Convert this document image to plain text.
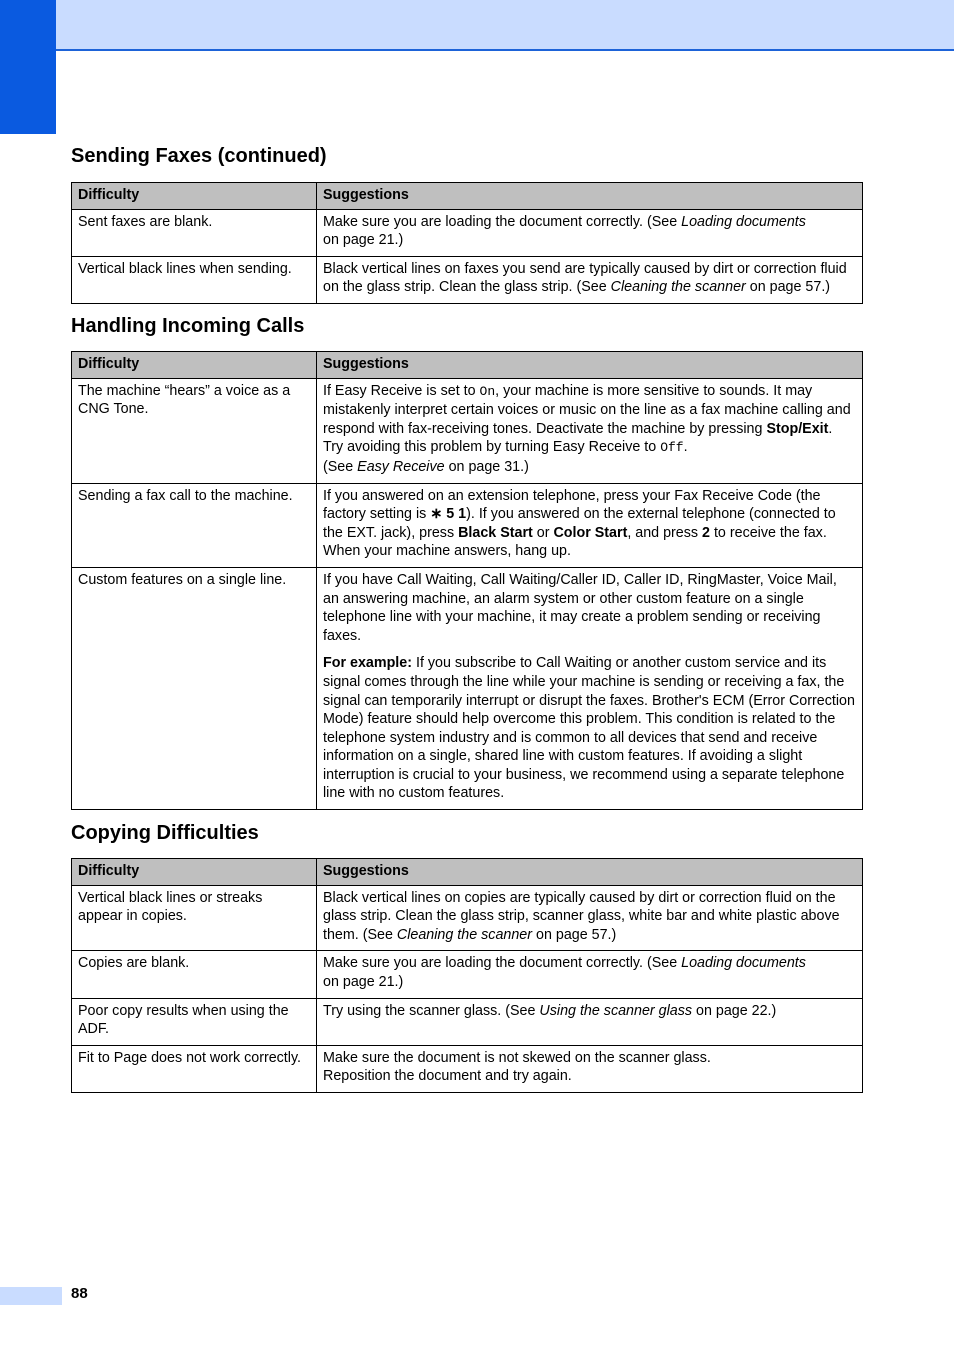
Sending Faxes (continued)
Difficulty	Suggestions
Sent faxes are blank.	Make sure you are loading the document correctly. (See Loading documents
on page 21.)
Vertical black lines when sending.	Black vertical lines on faxes you send are typically caused by dirt or correction fluid on the glass strip. Clean the glass strip. (See Cleaning the scanner on page 57.)
Handling Incoming Calls
Difficulty	Suggestions
The machine “hears” a voice as a CNG Tone.	If Easy Receive is set to On, your machine is more sensitive to sounds. It may mistakenly interpret certain voices or music on the line as a fax machine calling and respond with fax-receiving tones. Deactivate the machine by pressing Stop/Exit. Try avoiding this problem by turning Easy Receive to Off.
(See Easy Receive on page 31.)
Sending a fax call to the machine.	If you answered on an extension telephone, press your Fax Receive Code (the factory setting is ∗ 5 1). If you answered on the external telephone (connected to the EXT. jack), press Black Start or Color Start, and press 2 to receive the fax. When your machine answers, hang up.
Custom features on a single line.	If you have Call Waiting, Call Waiting/Caller ID, Caller ID, RingMaster, Voice Mail, an answering machine, an alarm system or other custom feature on a single telephone line with your machine, it may create a problem sending or receiving faxes.

For example: If you subscribe to Call Waiting or another custom service and its signal comes through the line while your machine is sending or receiving a fax, the signal can temporarily interrupt or disrupt the faxes. Brother's ECM (Error Correction Mode) feature should help overcome this problem. This condition is related to the telephone system industry and is common to all devices that send and receive information on a single, shared line with custom features. If avoiding a slight interruption is crucial to your business, we recommend using a separate telephone line with no custom features.

Copying Difficulties
Difficulty	Suggestions
Vertical black lines or streaks appear in copies.	Black vertical lines on copies are typically caused by dirt or correction fluid on the glass strip. Clean the glass strip, scanner glass, white bar and white plastic above them. (See Cleaning the scanner on page 57.)
Copies are blank.	Make sure you are loading the document correctly. (See Loading documents
on page 21.)
Poor copy results when using the ADF.	Try using the scanner glass. (See Using the scanner glass on page 22.)
Fit to Page does not work correctly.	Make sure the document is not skewed on the scanner glass.
Reposition the document and try again.
88
